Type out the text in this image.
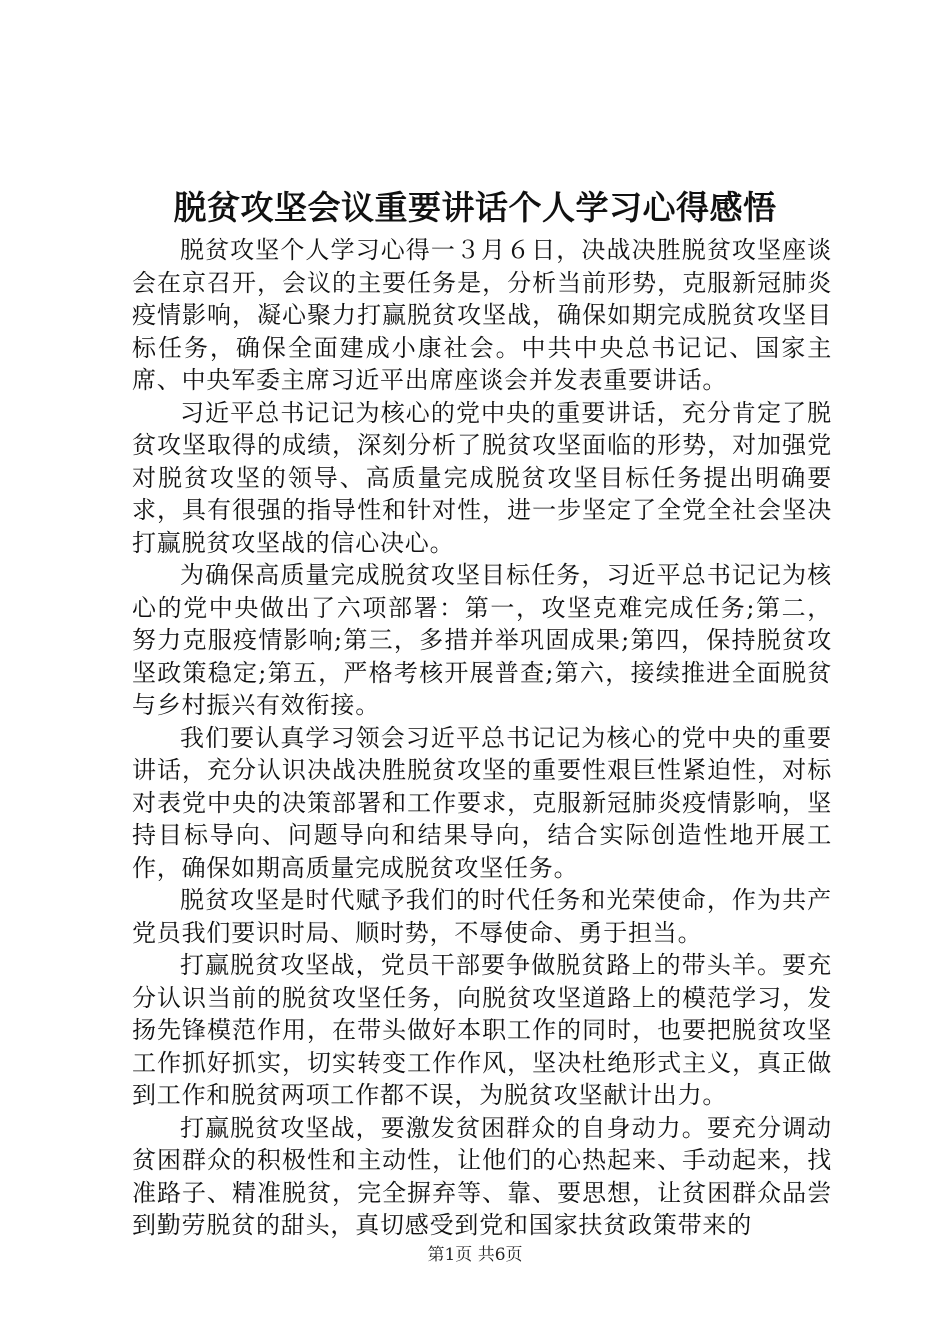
脱贫攻坚会议重要讲话个人学习心得感悟

脱贫攻坚个人学习心得一３月６日，决战决胜脱贫攻坚座谈会在京召开，会议的主要任务是，分析当前形势，克服新冠肺炎疫情影响，凝心聚力打赢脱贫攻坚战，确保如期完成脱贫攻坚目标任务，确保全面建成小康社会。中共中央总书记记、国家主席、中央军委主席习近平出席座谈会并发表重要讲话。

习近平总书记记为核心的党中央的重要讲话，充分肯定了脱贫攻坚取得的成绩，深刻分析了脱贫攻坚面临的形势，对加强党对脱贫攻坚的领导、高质量完成脱贫攻坚目标任务提出明确要求，具有很强的指导性和针对性，进一步坚定了全党全社会坚决打赢脱贫攻坚战的信心决心。

为确保高质量完成脱贫攻坚目标任务，习近平总书记记为核心的党中央做出了六项部署：第一，攻坚克难完成任务;第二，努力克服疫情影响;第三，多措并举巩固成果;第四，保持脱贫攻坚政策稳定;第五，严格考核开展普查;第六，接续推进全面脱贫与乡村振兴有效衔接。

我们要认真学习领会习近平总书记记为核心的党中央的重要讲话，充分认识决战决胜脱贫攻坚的重要性艰巨性紧迫性，对标对表党中央的决策部署和工作要求，克服新冠肺炎疫情影响，坚持目标导向、问题导向和结果导向，结合实际创造性地开展工作，确保如期高质量完成脱贫攻坚任务。

脱贫攻坚是时代赋予我们的时代任务和光荣使命，作为共产党员我们要识时局、顺时势，不辱使命、勇于担当。

打赢脱贫攻坚战，党员干部要争做脱贫路上的带头羊。要充分认识当前的脱贫攻坚任务，向脱贫攻坚道路上的模范学习，发扬先锋模范作用，在带头做好本职工作的同时，也要把脱贫攻坚工作抓好抓实，切实转变工作作风，坚决杜绝形式主义，真正做到工作和脱贫两项工作都不误，为脱贫攻坚献计出力。

打赢脱贫攻坚战，要激发贫困群众的自身动力。要充分调动贫困群众的积极性和主动性，让他们的心热起来、手动起来，找准路子、精准脱贫，完全摒弃等、靠、要思想，让贫困群众品尝到勤劳脱贫的甜头，真切感受到党和国家扶贫政策带来的

第1页 共6页
